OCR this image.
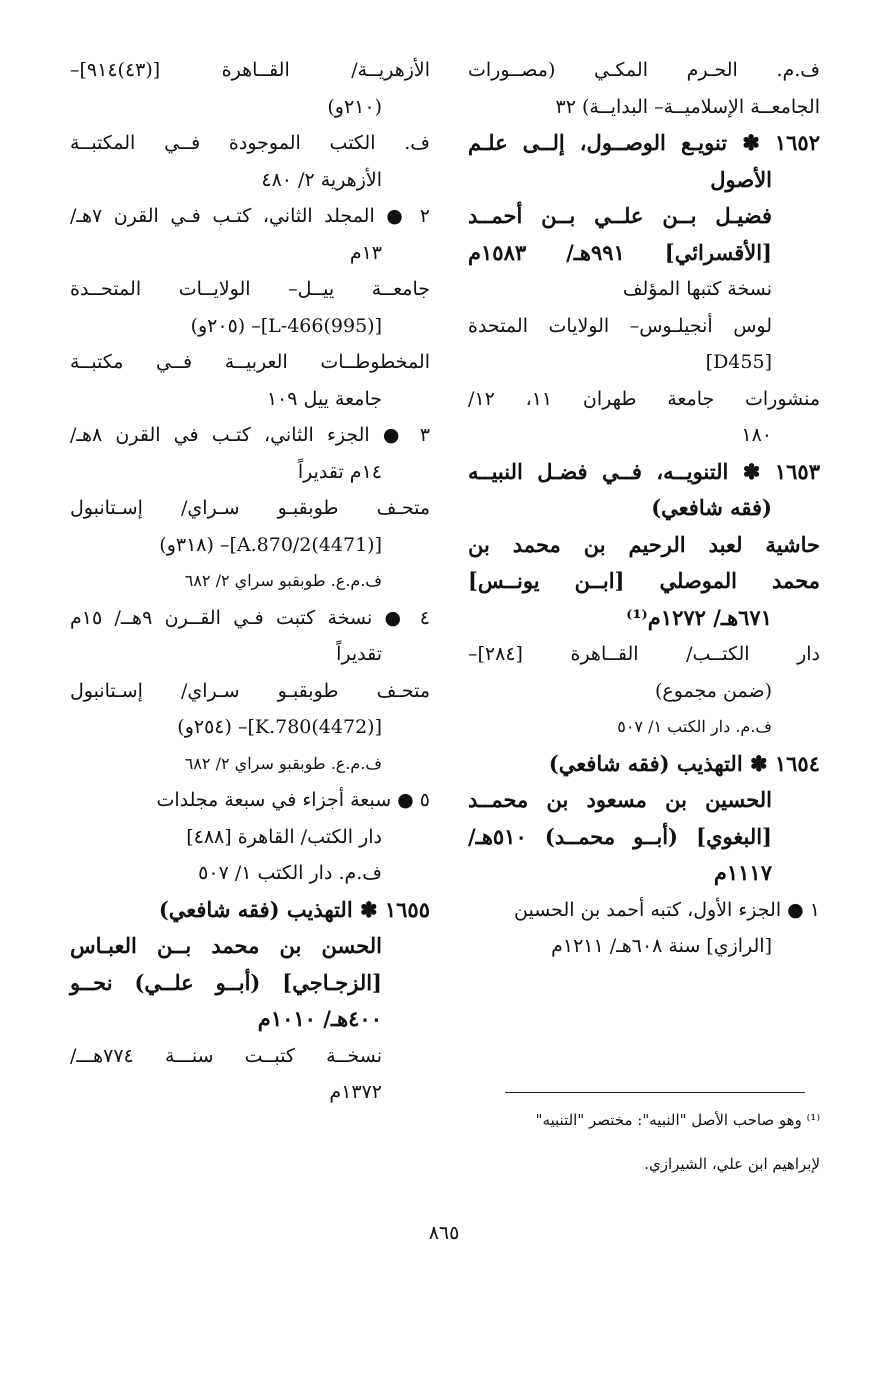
ف.م. الحـرم المكـي (مصــورات
الجامعــة الإسلاميــة– البدايــة) ٣٢
١٦٥٢ ✽ تنويـع الوصــول، إلــى علـم
الأصول
فضيـل بــن علــي بــن أحمــد
[الأقسرائي] ٩٩١هـ/ ١٥٨٣م
نسخة كتبها المؤلف
لوس أنجيلـوس– الولايات المتحدة
[D455]
منشورات جامعة طهران ١١، ١٢/
١٨٠
١٦٥٣ ✽ التنويــه، فــي فضـل النبيــه
(فقه شافعي)
حاشية لعبد الرحيم بن محمد بن
محمد الموصلي [ابــن يونــس]
٦٧١هـ/ ١٢٧٢م⁽¹⁾
دار الكتــب/ القــاهرة [٢٨٤]–
(ضمن مجموع)
ف.م. دار الكتب ١/ ٥٠٧
١٦٥٤ ✽ التهذيب (فقه شافعي)
الحسين بن مسعود بن محمــد
[البغوي] (أبــو محمــد) ٥١٠هـ/
١١١٧م
١ ● الجزء الأول، كتبه أحمد بن الحسين
[الرازي] سنة ٦٠٨هـ/ ١٢١١م
الأزهريــة/ القــاهرة [(٤٣)٩١٤]–
(٢١٠و)
ف. الكتب الموجودة فــي المكتبــة
الأزهرية ٢/ ٤٨٠
٢ ● المجلد الثاني، كتـب فـي القرن ٧هـ/
١٣م
جامعــة ييــل– الولايــات المتحــدة
[L-466(995)]– (٢٠٥و)
المخطوطــات العربيــة فــي مكتبــة
جامعة ييل ١٠٩
٣ ● الجزء الثاني، كتـب في القرن ٨هـ/
١٤م تقديراً
متحـف طوبقبـو سـراي/ إسـتانبول
[A.870/2(4471)]– (٣١٨و)
ف.م.ع. طوبقبو سراي ٢/ ٦٨٢
٤ ● نسخة كتبت فـي القــرن ٩هــ/ ١٥م
تقديراً
متحـف طوبقبـو سـراي/ إسـتانبول
[K.780(4472)]– (٢٥٤و)
ف.م.ع. طوبقبو سراي ٢/ ٦٨٢
٥ ● سبعة أجزاء في سبعة مجلدات
دار الكتب/ القاهرة [٤٨٨]
ف.م. دار الكتب ١/ ٥٠٧
١٦٥٥ ✽ التهذيب (فقه شافعي)
الحسن بن محمد بــن العبـاس
[الزجـاجي] (أبــو علــي) نحــو
٤٠٠هـ/ ١٠١٠م
نسخــة كتبــت سنـــة ٧٧٤هـــ/
١٣٧٢م
⁽¹⁾ وهو صاحب الأصل "النبيه": مختصر "التنبيه"
لإبراهيم ابن علي، الشيرازي.
٨٦٥
